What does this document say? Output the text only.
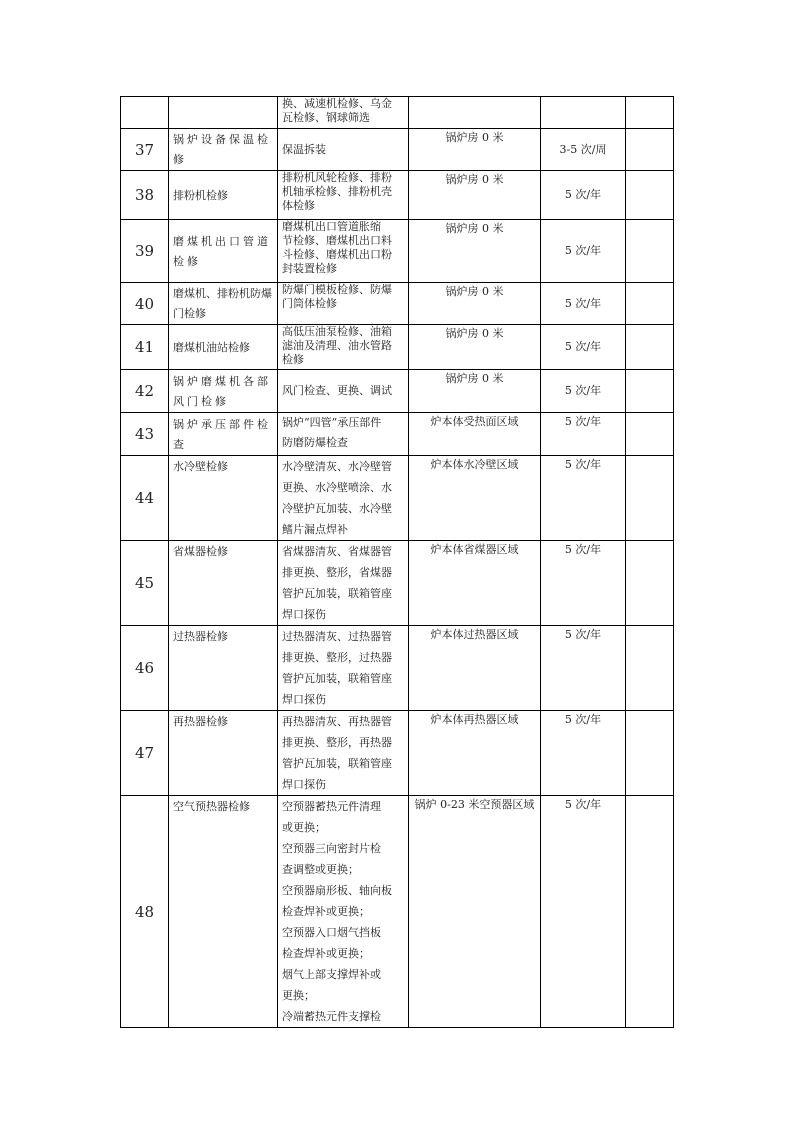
		换、减速机检修、乌金
瓦检修、钢球筛选			

37	锅炉设备保温检修	保温拆装	锅炉房 0 米	3-5 次/周	
38	排粉机检修	排粉机风轮检修、排粉
机轴承检修、排粉机壳
体检修	锅炉房 0 米	5 次/年	
39	磨煤机出口管道检修	磨煤机出口管道胀缩
节检修、磨煤机出口料
斗检修、磨煤机出口粉
封装置检修	锅炉房 0 米	5 次/年	
40	磨煤机、排粉机防爆门检修	防爆门模板检修、防爆
门筒体检修	锅炉房 0 米	5 次/年	
41	磨煤机油站检修	高低压油泵检修、油箱
滤油及清理、油水管路
检修	锅炉房 0 米	5 次/年	
42	锅炉磨煤机各部风门检修	风门检查、更换、调试	锅炉房 0 米	5 次/年	
43	锅炉承压部件检查	锅炉“四管”承压部件
防磨防爆检查	炉本体受热面区域	5 次/年	
44	水冷壁检修	水冷壁清灰、水冷壁管
更换、水冷壁喷涂、水
冷壁护瓦加装、水冷壁
鳍片漏点焊补	炉本体水冷壁区域	5 次/年	
45	省煤器检修	省煤器清灰、省煤器管
排更换、整形，省煤器
管护瓦加装，联箱管座
焊口探伤	炉本体省煤器区域	5 次/年	
46	过热器检修	过热器清灰、过热器管
排更换、整形，过热器
管护瓦加装，联箱管座
焊口探伤	炉本体过热器区域	5 次/年	
47	再热器检修	再热器清灰、再热器管
排更换、整形，再热器
管护瓦加装，联箱管座
焊口探伤	炉本体再热器区域	5 次/年	
48	空气预热器检修	空预器蓄热元件清理
或更换；
空预器三向密封片检
查调整或更换；
空预器扇形板、轴向板
检查焊补或更换；
空预器入口烟气挡板
检查焊补或更换；
烟气上部支撑焊补或
更换；
冷端蓄热元件支撑检
	锅炉 0-23 米空预器区域	5 次/年	
